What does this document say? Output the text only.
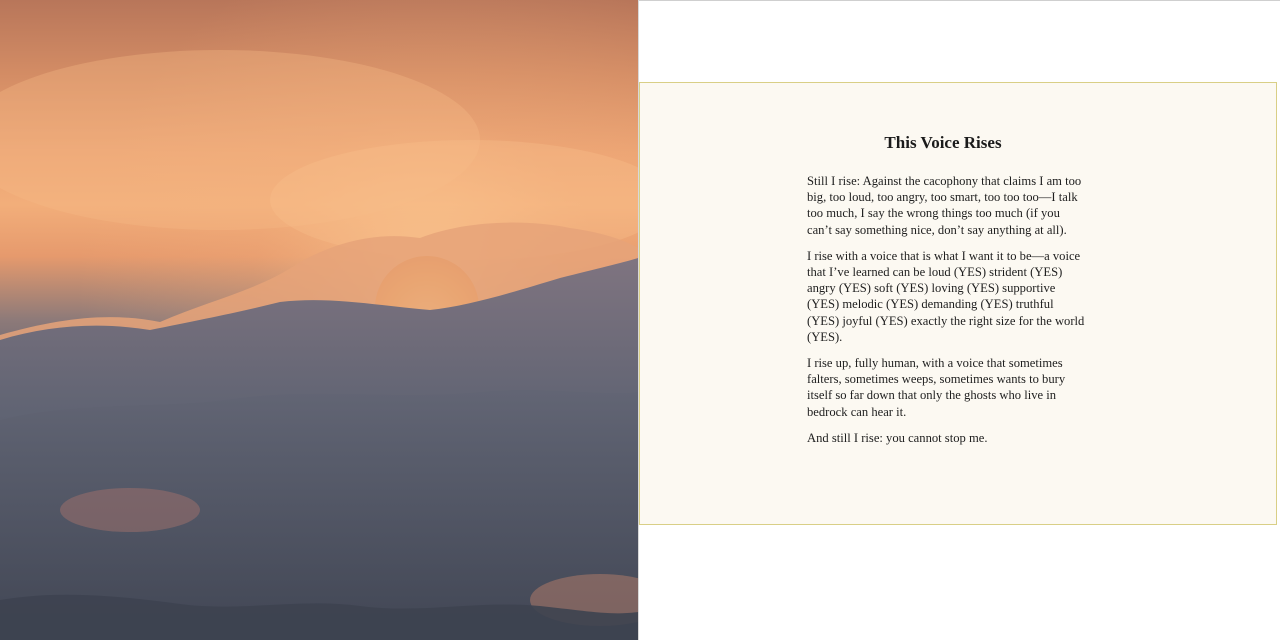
This Voice Rises

Still I rise: Against the cacophony that claims I am too big, too loud, too angry, too smart, too too too—I talk too much, I say the wrong things too much (if you can’t say something nice, don’t say anything at all).

I rise with a voice that is what I want it to be—a voice that I’ve learned can be loud (YES) strident (YES) angry (YES) soft (YES) loving (YES) supportive (YES) melodic (YES) demanding (YES) truthful (YES) joyful (YES) exactly the right size for the world (YES).

I rise up, fully human, with a voice that sometimes falters, sometimes weeps, sometimes wants to bury itself so far down that only the ghosts who live in bedrock can hear it.

And still I rise: you cannot stop me.
